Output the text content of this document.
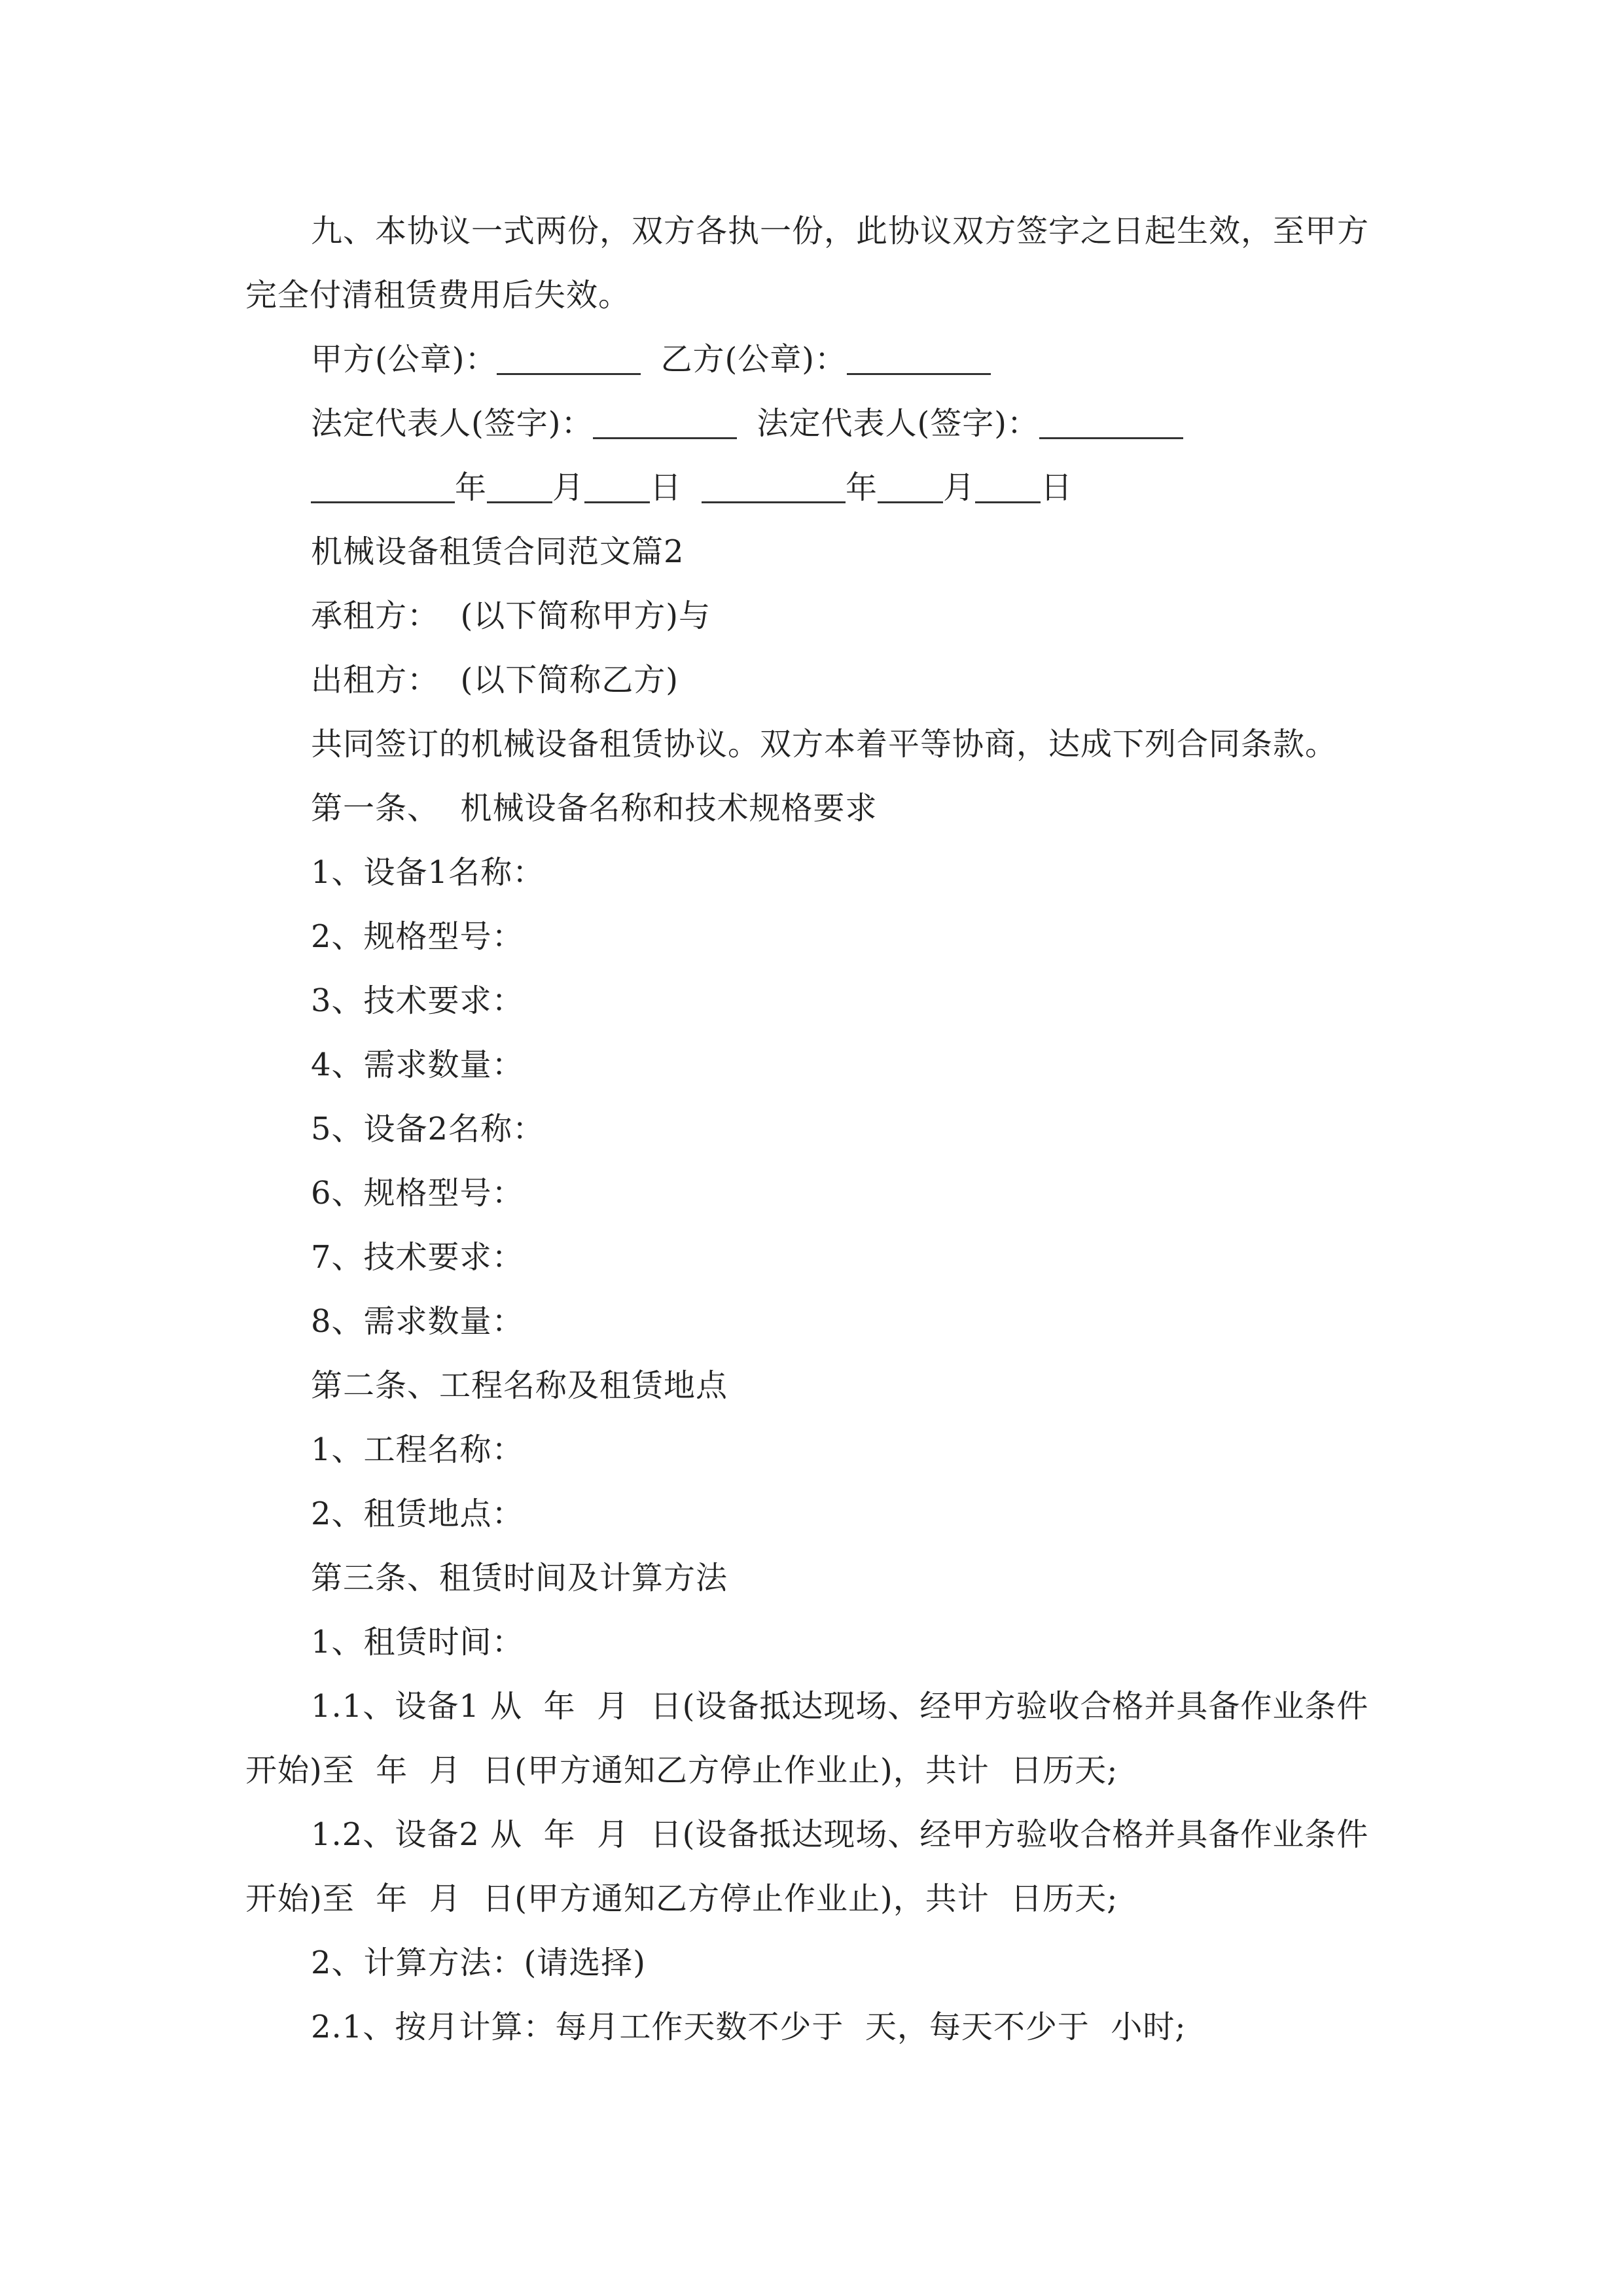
九、本协议一式两份，双方各执一份，此协议双方签字之日起生效，至甲方

完全付清租赁费用后失效。

甲方(公章)：	乙方(公章)：

法定代表人(签字)：	法定代表人(签字)：

年 月 日	年 月 日

机械设备租赁合同范文篇2

承租方：  (以下简称甲方)与

出租方：  (以下简称乙方)

共同签订的机械设备租赁协议。双方本着平等协商，达成下列合同条款。

第一条、  机械设备名称和技术规格要求

1、设备1名称：

2、规格型号：

3、技术要求：

4、需求数量：

5、设备2名称：

6、规格型号：

7、技术要求：

8、需求数量：

第二条、工程名称及租赁地点

1、工程名称：

2、租赁地点：

第三条、租赁时间及计算方法

1、租赁时间：

1.1、设备1 从  年  月  日(设备抵达现场、经甲方验收合格并具备作业条件

开始)至  年  月  日(甲方通知乙方停止作业止)，共计  日历天;

1.2、设备2 从  年  月  日(设备抵达现场、经甲方验收合格并具备作业条件

开始)至  年  月  日(甲方通知乙方停止作业止)，共计  日历天;

2、计算方法：(请选择)

2.1、按月计算：每月工作天数不少于  天，每天不少于  小时;
